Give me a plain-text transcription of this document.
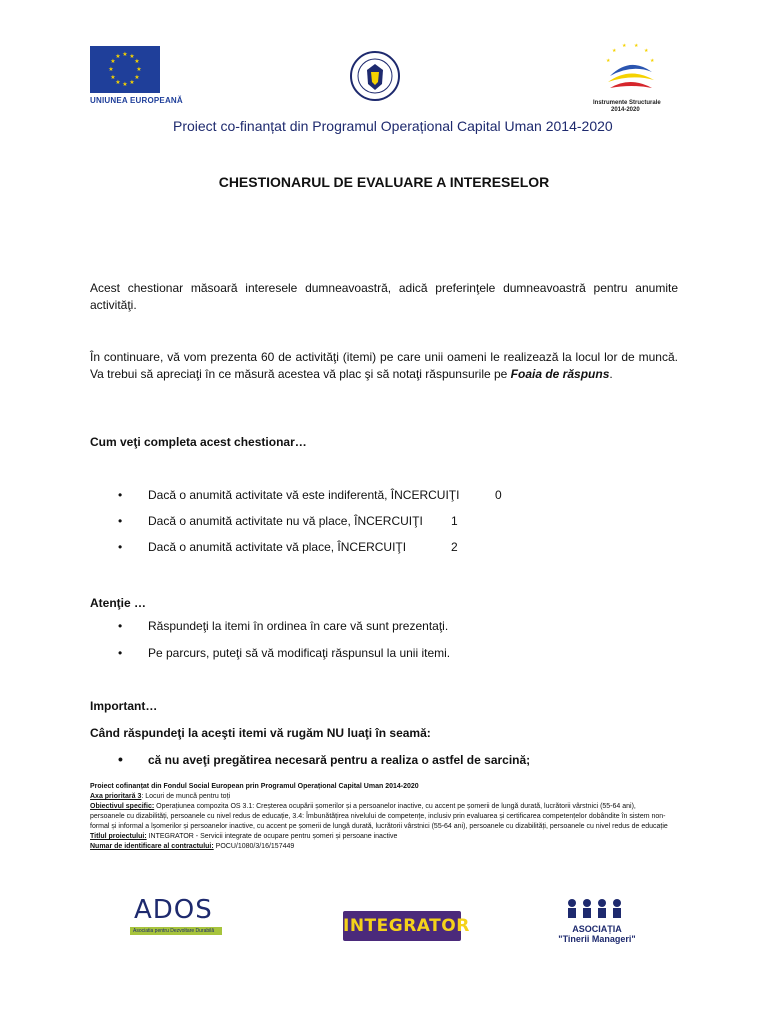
★ ★
★
★
★
★
★
★
★
★
★
★
UNIUNEA EUROPEANĂ
★
★ ★
★
★
★
Instrumente Structurale
2014-2020
Proiect co-finanțat din Programul Operațional Capital Uman 2014-2020
CHESTIONARUL DE EVALUARE A INTERESELOR
Acest chestionar măsoară interesele dumneavoastră, adică preferinţele dumneavoastră pentru anumite activităţi.
În continuare, vă vom prezenta 60 de activităţi (itemi) pe care unii oameni le realizează la locul lor de muncă. Va trebui să apreciaţi în ce măsură acestea vă plac şi să notaţi răspunsurile pe Foaia de răspuns.
Cum veţi completa acest chestionar…
• Dacă o anumită activitate vă este indiferentă, ÎNCERCUIŢI	0
• Dacă o anumită activitate nu vă place, ÎNCERCUIŢI 1
• Dacă o anumită activitate vă place, ÎNCERCUIŢI	2
Atenţie …
• Răspundeţi la itemi în ordinea în care vă sunt prezentaţi.
• Pe parcurs, puteţi să vă modificaţi răspunsul la unii itemi.
Important…
Când răspundeţi la aceşti itemi vă rugăm NU luaţi în seamă:
• că nu aveţi pregătirea necesară pentru a realiza o astfel de sarcină;
Proiect cofinanțat din Fondul Social European prin Programul Operațional Capital Uman 2014-2020
Axa prioritară 3: Locuri de muncă pentru toți
Obiectivul specific: Operațiunea compozita OS 3.1: Creșterea ocupării șomerilor și a persoanelor inactive, cu accent pe șomerii de lungă durată, lucrătorii vârstnici (55-64 ani), persoanele cu dizabilități, persoanele cu nivel redus de educație, 3.4: Îmbunătățirea nivelului de competențe, inclusiv prin evaluarea și certificarea competențelor dobândite în sistem non-formal și informal a lșomerilor și persoanelor inactive, cu accent pe șomerii de lungă durată, lucrătorii vârstnici (55-64 ani), persoanele cu dizabilități, persoanele cu nivel redus de educație
Titlul proiectului: INTEGRATOR - Servicii integrate de ocupare pentru șomeri și persoane inactive
Numar de identificare al contractului: POCU/1080/3/16/157449
ADOS
Asociatia pentru Dezvoltare Durabilă	INTEGRATOR	ASOCIAȚIA
"Tinerii Manageri"
